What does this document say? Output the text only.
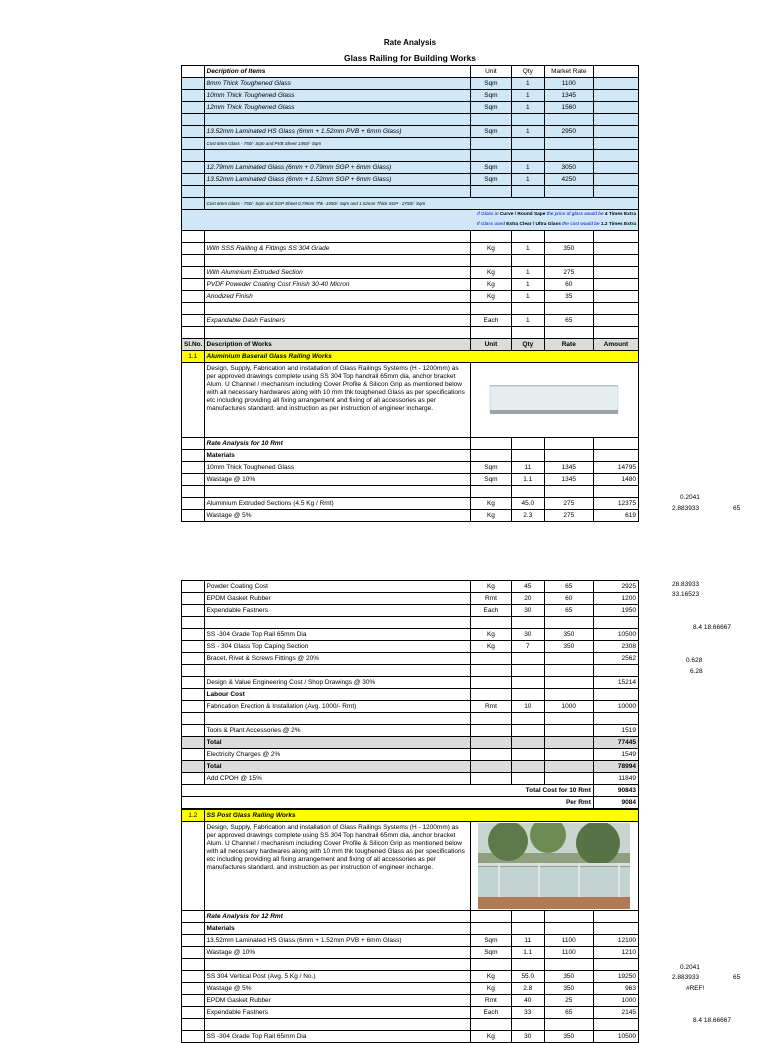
Rate Analysis
Glass Railing for Building Works
	Decription of Items	Unit	Qty	Market Rate	
	8mm Thick Toughened Glass	Sqm	1	1100	
	10mm Thick Toughened Glass	Sqm	1	1345	
	12mm Thick Toughened Glass	Sqm	1	1560	

	13.52mm Laminated HS Glass (6mm + 1.52mm PVB + 6mm Glass)	Sqm	1	2950	
	Cost 6mm Glass - 750/- Sqm and PVB Sheet 1450/- Sqm				

	12.79mm Laminated Glass (6mm + 0.79mm SGP + 6mm Glass)	Sqm	1	3050	
	13.52mm Laminated Glass (6mm + 1.52mm SGP + 6mm Glass)	Sqm	1	4250	

	Cost 6mm Glass - 750/- Sqm and SGP Sheet 0.79mm Thk -1550/- Sqm and 1.52mm Thick SGP - 2750/- Sqm				
If Glass in Curve / Round Sape the price of glass would be 4 Times Extra
If Glass used Extra Clear / Ultra Glass the cost would be 1.2 Times Extra					

	With SSS Railling & Fittings SS 304 Grade	Kg	1	350	

	With Aluminium Extruded Section	Kg	1	275	
	PVDF Poweder Coating Cost Finish 30-40 Micron	Kg	1	60	
	Anodized Finish	Kg	1	35	

	Expandable Dash Fastners	Each	1	65	

Sl.No.	Description of Works	Unit	Qty	Rate	Amount
1.1	Aluminium Baserail Glass Railing Works				
	Design, Supply, Fabrication and installation of Glass Railings Systems (H - 1200mm) as per approved drawings complete using SS 304 Top handrail 65mm dia, anchor bracket Alum. U Channel / mechanism including Cover Profile & Silicon Grip as mentioned below with all necessary hardwares along with 10 mm thk toughened Glass as per specifications etc including providing all fixing arrangement and fixing of all accessories as per manufactures standard, and instruction as per instruction of engineer incharge.	

	Rate Analysis for 10 Rmt				
	Materials				
	10mm Thick Toughened Glass	Sqm	11	1345	14795
	Wastage @ 10%	Sqm	1.1	1345	1480

	Aluminium Extruded Sections (4.5 Kg / Rmt)	Kg	45.0	275	12375
	Wastage @ 5%	Kg	2.3	275	619
0.2041
2.883933	65
	Powder Coating Cost	Kg	45	65	2925
	EPDM Gasket Rubber	Rmt	20	60	1200
	Expendable Fastners	Each	30	65	1950

	SS -304 Grade Top Rail 65mm Dia	Kg	30	350	10500
	SS - 304 Glass Top Caping Section	Kg	7	350	2308
	Bracet, Rivet & Screws Fittings @ 20%				2562

	Design & Value Engineering Cost / Shop Drawings @ 30%				15214
	Labour Cost				
	Fabrication Erection & Installation (Avg. 1000/- Rmt)	Rmt	10	1000	10000

	Tools & Plant Accessories @ 2%				1519
	Total				77445
	Electricity Charges @ 2%				1549
	Total				78994
	Add CPOH @ 15%				11849
Total Cost for 10 Rmt					90843
Per Rmt					9084
Per Rft					2770
28.83933
33.16523
8.4 18.66667
0.628
6.28
1.2	SS Post Glass Railing Works				
	Design, Supply, Fabrication and installation of Glass Railings Systems (H - 1200mm) as per approved drawings complete using SS 304 Top handrail 65mm dia, anchor bracket Alum. U Channel / mechanism including Cover Profile & Silicon Grip as mentioned below with all necessary hardwares along with 10 mm thk toughened Glass as per specifications etc including providing all fixing arrangement and fixing of all accessories as per manufactures standard, and instruction as per instruction of engineer incharge.	

	Rate Analysis for 12 Rmt				
	Materials				
	13.52mm Laminated HS Glass (6mm + 1.52mm PVB + 6mm Glass)	Sqm	11	1100	12100
	Wastage @ 10%	Sqm	1.1	1100	1210

	SS 304 Vertical Post (Avg. 5 Kg / No.)	Kg	55.0	350	19250
	Wastage @ 5%	Kg	2.8	350	963
	EPDM Gasket Rubber	Rmt	40	25	1000
	Expendable Fastners	Each	33	65	2145

	SS -304 Grade Top Rail 65mm Dia	Kg	30	350	10500
0.2041
2.883933	65
#REF!
8.4 18.66667
